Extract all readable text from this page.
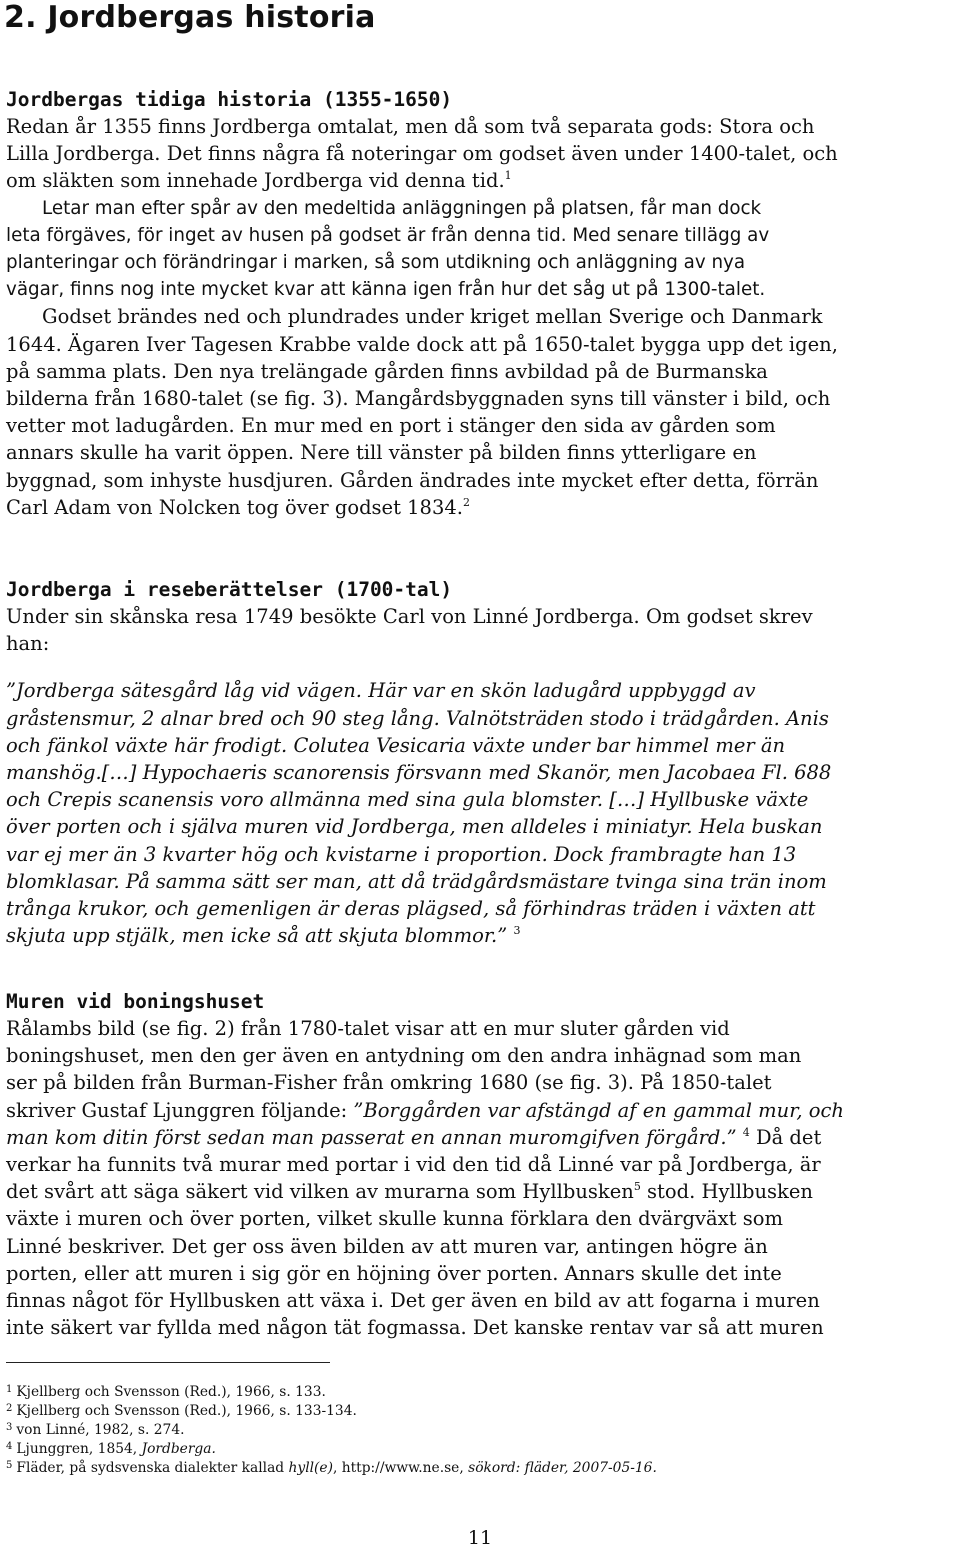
2. Jordbergas historia
Jordbergas tidiga historia (1355-1650)
Redan år 1355 finns Jordberga omtalat, men då som två separata gods: Stora och
Lilla Jordberga. Det finns några få noteringar om godset även under 1400-talet, och
om släkten som innehade Jordberga vid denna tid.$^1$
Letar man efter spår av den medeltida anläggningen på platsen, får man dock
leta förgäves, för inget av husen på godset är från denna tid. Med senare tillägg av
planteringar och förändringar i marken, så som utdikning och anläggning av nya
vägar, finns nog inte mycket kvar att känna igen från hur det såg ut på 1300-talet.
Godset brändes ned och plundrades under kriget mellan Sverige och Danmark
1644. Ägaren Iver Tagesen Krabbe valde dock att på 1650-talet bygga upp det igen,
på samma plats. Den nya trelängade gården finns avbildad på de Burmanska
bilderna från 1680-talet (se fig. 3). Mangårdsbyggnaden syns till vänster i bild, och
vetter mot ladugården. En mur med en port i stänger den sida av gården som
annars skulle ha varit öppen. Nere till vänster på bilden finns ytterligare en
byggnad, som inhyste husdjuren. Gården ändrades inte mycket efter detta, förrän
Carl Adam von Nolcken tog över godset 1834.$^2$
Jordberga i reseberättelser (1700-tal)
Under sin skånska resa 1749 besökte Carl von Linné Jordberga. Om godset skrev
han:
”Jordberga sätesgård låg vid vägen. Här var en skön ladugård uppbyggd av
gråstensmur, 2 alnar bred och 90 steg lång. Valnötsträden stodo i trädgården. Anis
och fänkol växte här frodigt. Colutea Vesicaria växte under bar himmel mer än
manshög.[…] Hypochaeris scanorensis försvann med Skanör, men Jacobaea Fl. 688
och Crepis scanensis voro allmänna med sina gula blomster. […] Hyllbuske växte
över porten och i själva muren vid Jordberga, men alldeles i miniatyr. Hela buskan
var ej mer än 3 kvarter hög och kvistarne i proportion. Dock frambragte han 13
blomklasar. På samma sätt ser man, att då trädgårdsmästare tvinga sina trän inom
trånga krukor, och gemenligen är deras plägsed, så förhindras träden i växten att
skjuta upp stjälk, men icke så att skjuta blommor.” $^3$
Muren vid boningshuset
Rålambs bild (se fig. 2) från 1780-talet visar att en mur sluter gården vid
boningshuset, men den ger även en antydning om den andra inhägnad som man
ser på bilden från Burman-Fisher från omkring 1680 (se fig. 3). På 1850-talet
skriver Gustaf Ljunggren följande: ”Borggården var afstängd af en gammal mur, och
man kom ditin först sedan man passerat en annan muromgifven förgård.” $^4$ Då det
verkar ha funnits två murar med portar i vid den tid då Linné var på Jordberga, är
det svårt att säga säkert vid vilken av murarna som Hyllbusken$^5$ stod. Hyllbusken
växte i muren och över porten, vilket skulle kunna förklara den dvärgväxt som
Linné beskriver. Det ger oss även bilden av att muren var, antingen högre än
porten, eller att muren i sig gör en höjning över porten. Annars skulle det inte
finnas något för Hyllbusken att växa i. Det ger även en bild av att fogarna i muren
inte säkert var fyllda med någon tät fogmassa. Det kanske rentav var så att muren
$^1$ Kjellberg och Svensson (Red.), 1966, s. 133.
$^2$ Kjellberg och Svensson (Red.), 1966, s. 133-134.
$^3$ von Linné, 1982, s. 274.
$^4$ Ljunggren, 1854, Jordberga.
$^5$ Fläder, på sydsvenska dialekter kallad hyll(e), http://www.ne.se, sökord: fläder, 2007-05-16.
11
